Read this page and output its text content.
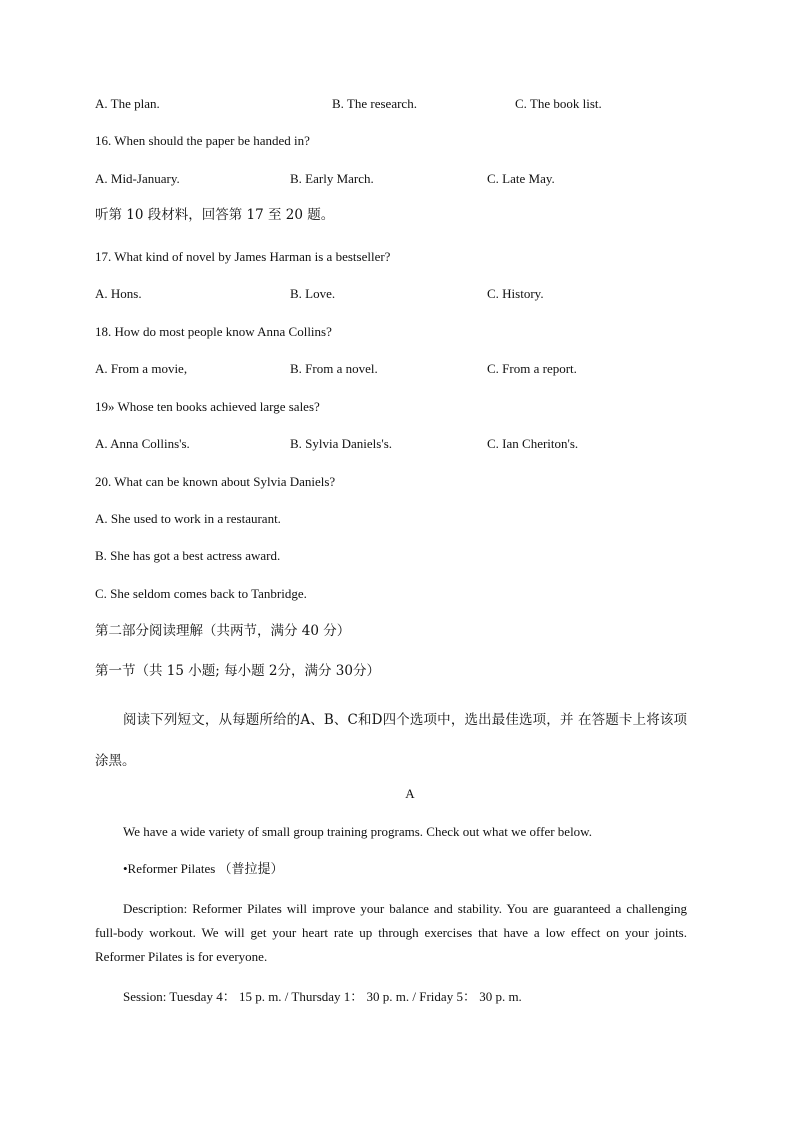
A. The plan.	B. The research.	C. The book list.
16. When should the paper be handed in?
A. Mid-January.	B. Early March.	C. Late May.
听第 10 段材料，回答第 17 至 20 题。
17. What kind of novel by James Harman is a bestseller?
A. Hons.	B. Love.	C. History.
18. How do most people know Anna Collins?
A. From a movie,	B. From a novel.	C. From a report.
19» Whose ten books achieved large sales?
A. Anna Collins's.	B. Sylvia Daniels's.	C. Ian Cheriton's.
20. What can be known about Sylvia Daniels?
A. She used to work in a restaurant.
B. She has got a best actress award.
C. She seldom comes back to Tanbridge.
第二部分阅读理解（共两节，满分 40 分）
第一节（共 15 小题; 每小题 2分，满分 30分）
阅读下列短文，从每题所给的A、B、C和D四个选项中，选出最佳选项，并 在答题卡上将该项涂黑。
A
We have a wide variety of small group training programs. Check out what we offer below.
•Reformer Pilates （普拉提）
Description: Reformer Pilates will improve your balance and stability. You are guaranteed a challenging full-body workout. We will get your heart rate up through exercises that have a low effect on your joints. Reformer Pilates is for everyone.
Session: Tuesday 4： 15 p. m. / Thursday 1： 30 p. m. / Friday 5： 30 p. m.
